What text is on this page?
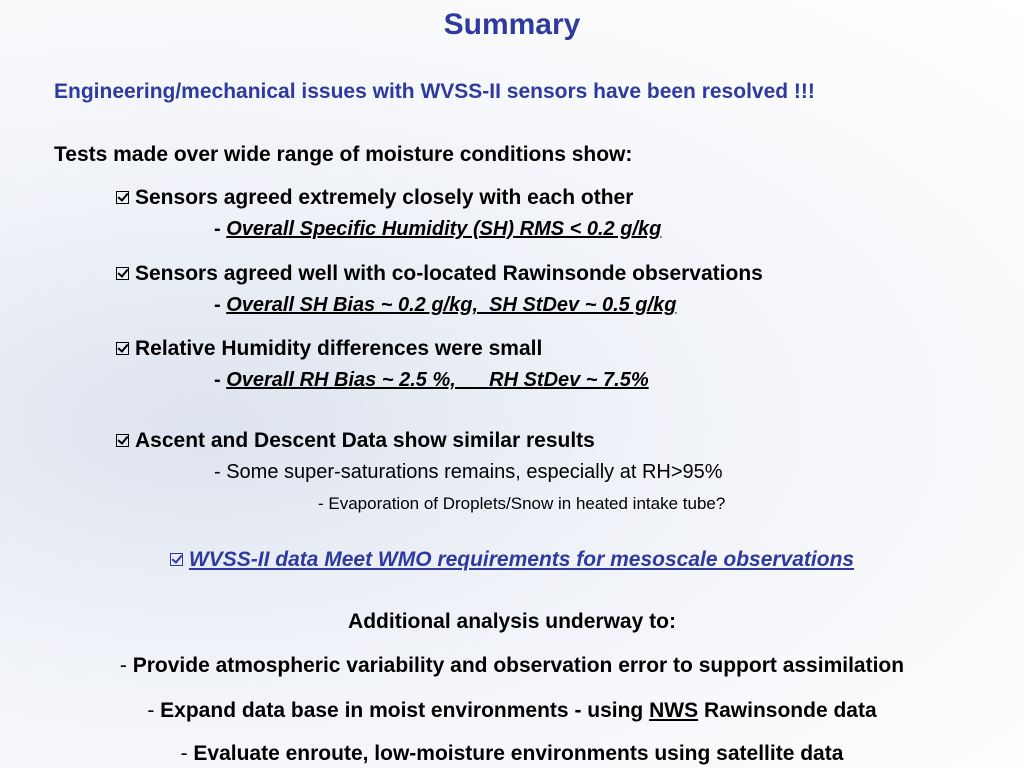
Summary
Engineering/mechanical issues with WVSS-II sensors have been resolved !!!
Tests made over wide range of moisture conditions show:
Sensors agreed extremely closely with each other
- Overall Specific Humidity (SH) RMS < 0.2 g/kg
Sensors agreed well with co-located Rawinsonde observations
- Overall SH Bias ~ 0.2 g/kg,  SH StDev ~ 0.5 g/kg
Relative Humidity differences were small
- Overall RH Bias ~ 2.5 %,      RH StDev ~ 7.5%
Ascent and Descent Data show similar results
- Some super-saturations remains, especially at RH>95%
- Evaporation of Droplets/Snow in heated intake tube?
WVSS-II data Meet WMO requirements for mesoscale observations
Additional analysis underway to:
- Provide atmospheric variability and observation error to support assimilation
- Expand data base in moist environments - using NWS Rawinsonde data
- Evaluate enroute, low-moisture environments using satellite data
